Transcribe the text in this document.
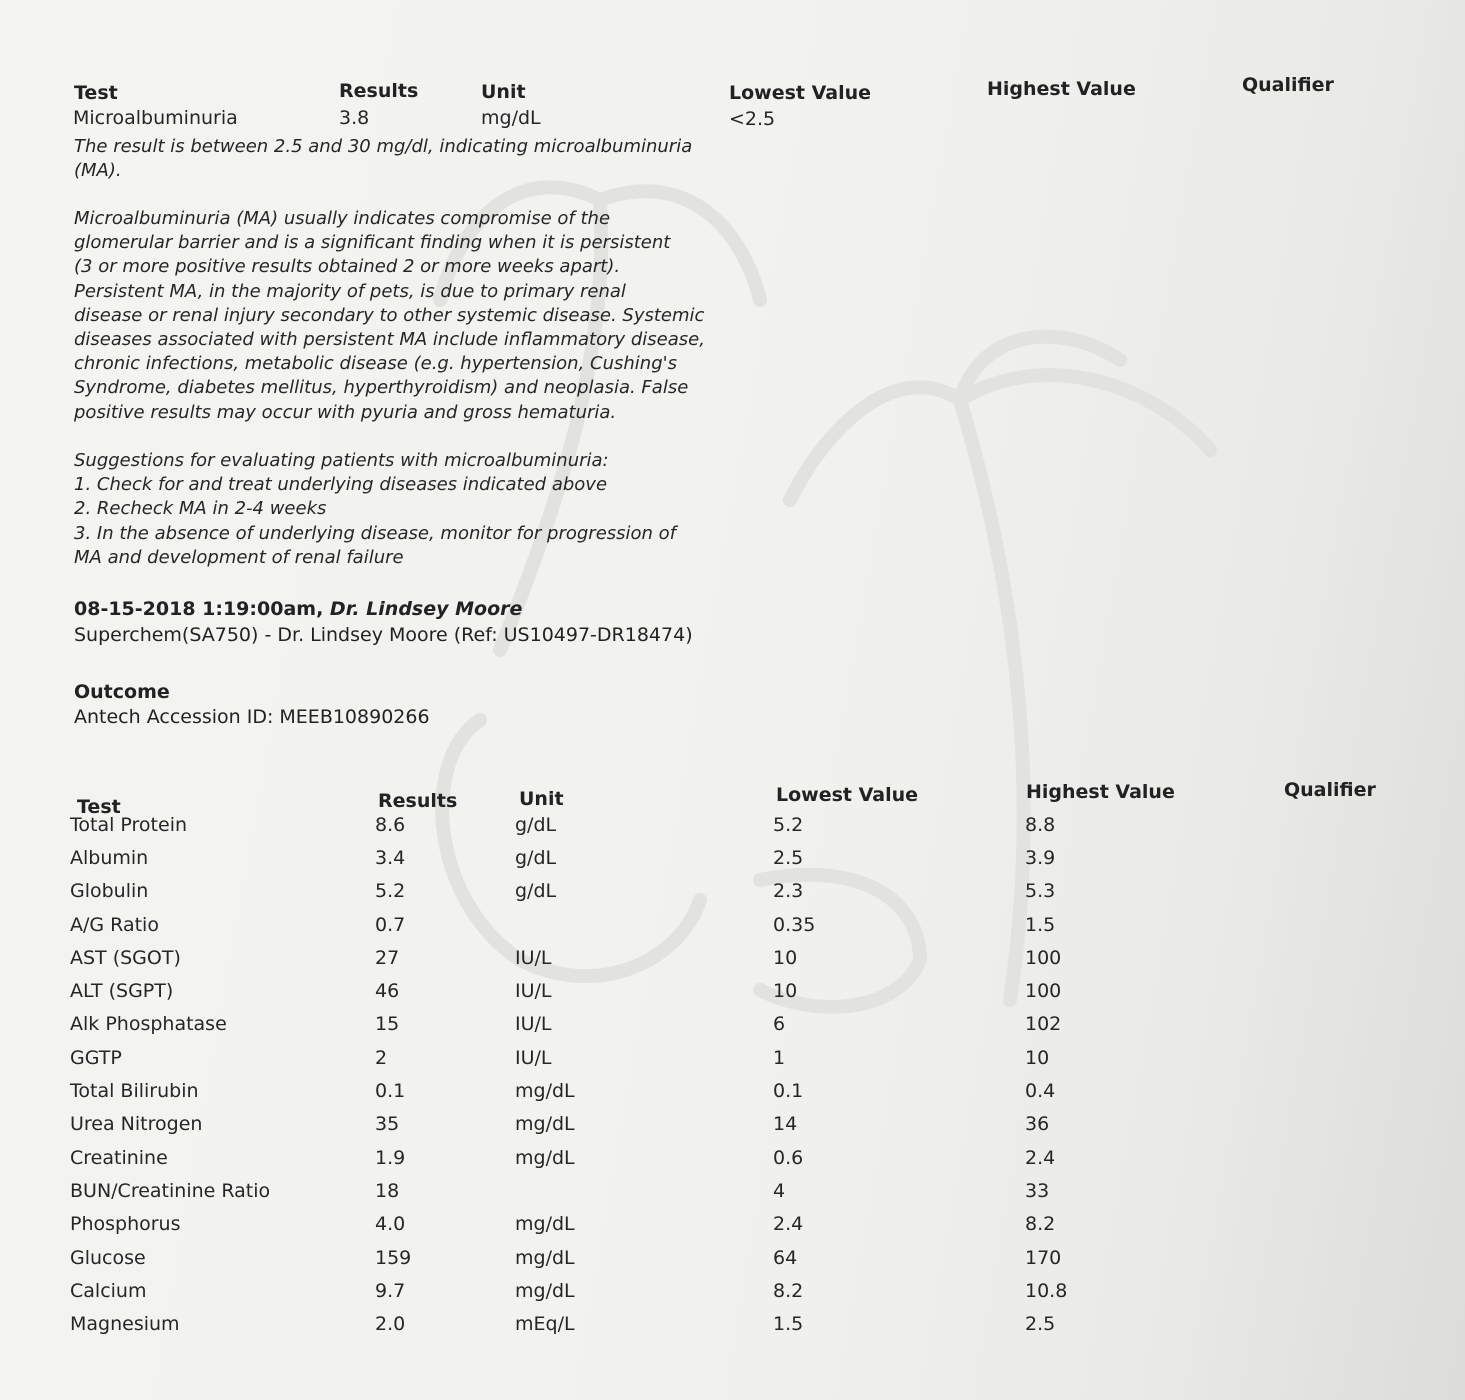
Test	Results	Unit	Lowest Value	Highest Value	Qualifier
Microalbuminuria	3.8	mg/dL	<2.5
The result is between 2.5 and 30 mg/dl, indicating microalbuminuria
(MA).
Microalbuminuria (MA) usually indicates compromise of the
glomerular barrier and is a significant finding when it is persistent
(3 or more positive results obtained 2 or more weeks apart).
Persistent MA, in the majority of pets, is due to primary renal
disease or renal injury secondary to other systemic disease. Systemic
diseases associated with persistent MA include inflammatory disease,
chronic infections, metabolic disease (e.g. hypertension, Cushing's
Syndrome, diabetes mellitus, hyperthyroidism) and neoplasia. False
positive results may occur with pyuria and gross hematuria.
Suggestions for evaluating patients with microalbuminuria:
1. Check for and treat underlying diseases indicated above
2. Recheck MA in 2-4 weeks
3. In the absence of underlying disease, monitor for progression of
MA and development of renal failure
08-15-2018 1:19:00am, Dr. Lindsey Moore
Superchem(SA750) - Dr. Lindsey Moore (Ref: US10497-DR18474)
Outcome
Antech Accession ID: MEEB10890266
Test	Results	Unit	Lowest Value	Highest Value	Qualifier
Total Protein	8.6	g/dL	5.2	8.8	
Albumin	3.4	g/dL	2.5	3.9	
Globulin	5.2	g/dL	2.3	5.3	
A/G Ratio	0.7		0.35	1.5	
AST (SGOT)	27	IU/L	10	100	
ALT (SGPT)	46	IU/L	10	100	
Alk Phosphatase	15	IU/L	6	102	
GGTP	2	IU/L	1	10	
Total Bilirubin	0.1	mg/dL	0.1	0.4	
Urea Nitrogen	35	mg/dL	14	36	
Creatinine	1.9	mg/dL	0.6	2.4	
BUN/Creatinine Ratio	18		4	33	
Phosphorus	4.0	mg/dL	2.4	8.2	
Glucose	159	mg/dL	64	170	
Calcium	9.7	mg/dL	8.2	10.8	
Magnesium	2.0	mEq/L	1.5	2.5	
